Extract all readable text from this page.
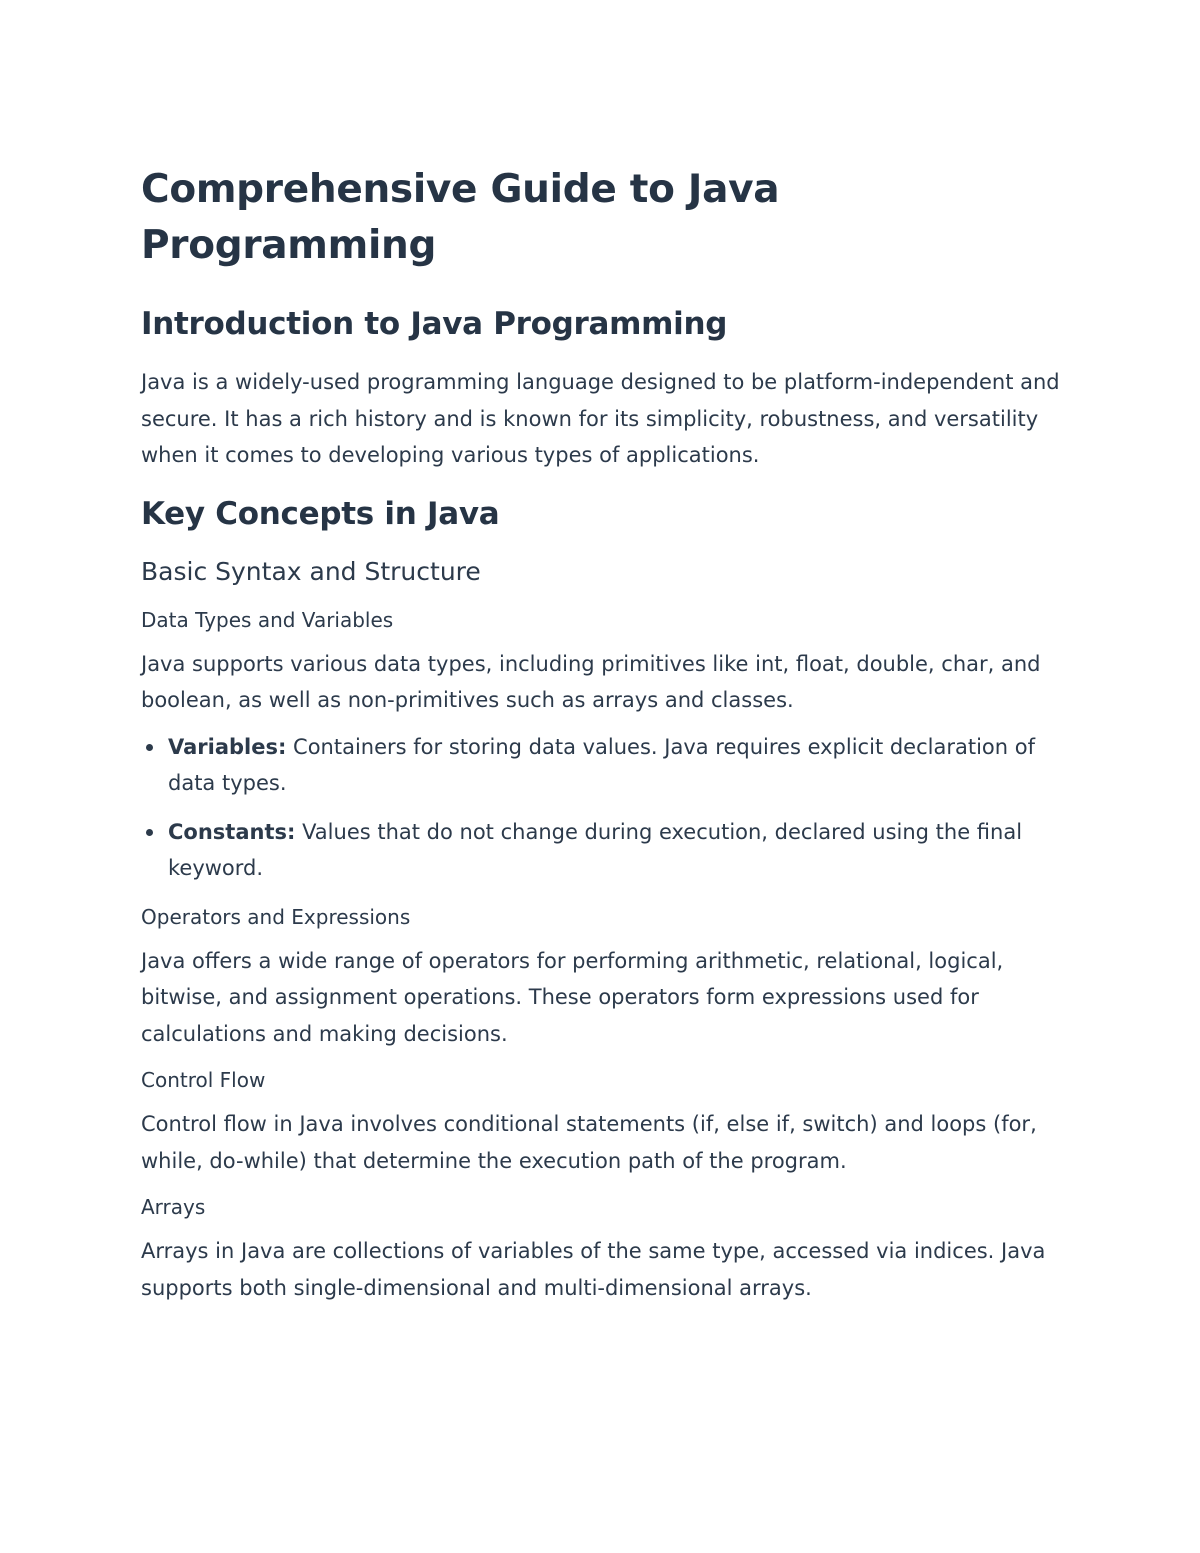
Comprehensive Guide to Java Programming
Introduction to Java Programming

Java is a widely-used programming language designed to be platform-independent and secure. It has a rich history and is known for its simplicity, robustness, and versatility when it comes to developing various types of applications.

Key Concepts in Java
Basic Syntax and Structure
Data Types and Variables

Java supports various data types, including primitives like int, float, double, char, and boolean, as well as non-primitives such as arrays and classes.

Variables: Containers for storing data values. Java requires explicit declaration of data types.
Constants: Values that do not change during execution, declared using the final keyword.
Operators and Expressions

Java offers a wide range of operators for performing arithmetic, relational, logical, bitwise, and assignment operations. These operators form expressions used for calculations and making decisions.

Control Flow

Control flow in Java involves conditional statements (if, else if, switch) and loops (for, while, do-while) that determine the execution path of the program.

Arrays

Arrays in Java are collections of variables of the same type, accessed via indices. Java supports both single-dimensional and multi-dimensional arrays.
